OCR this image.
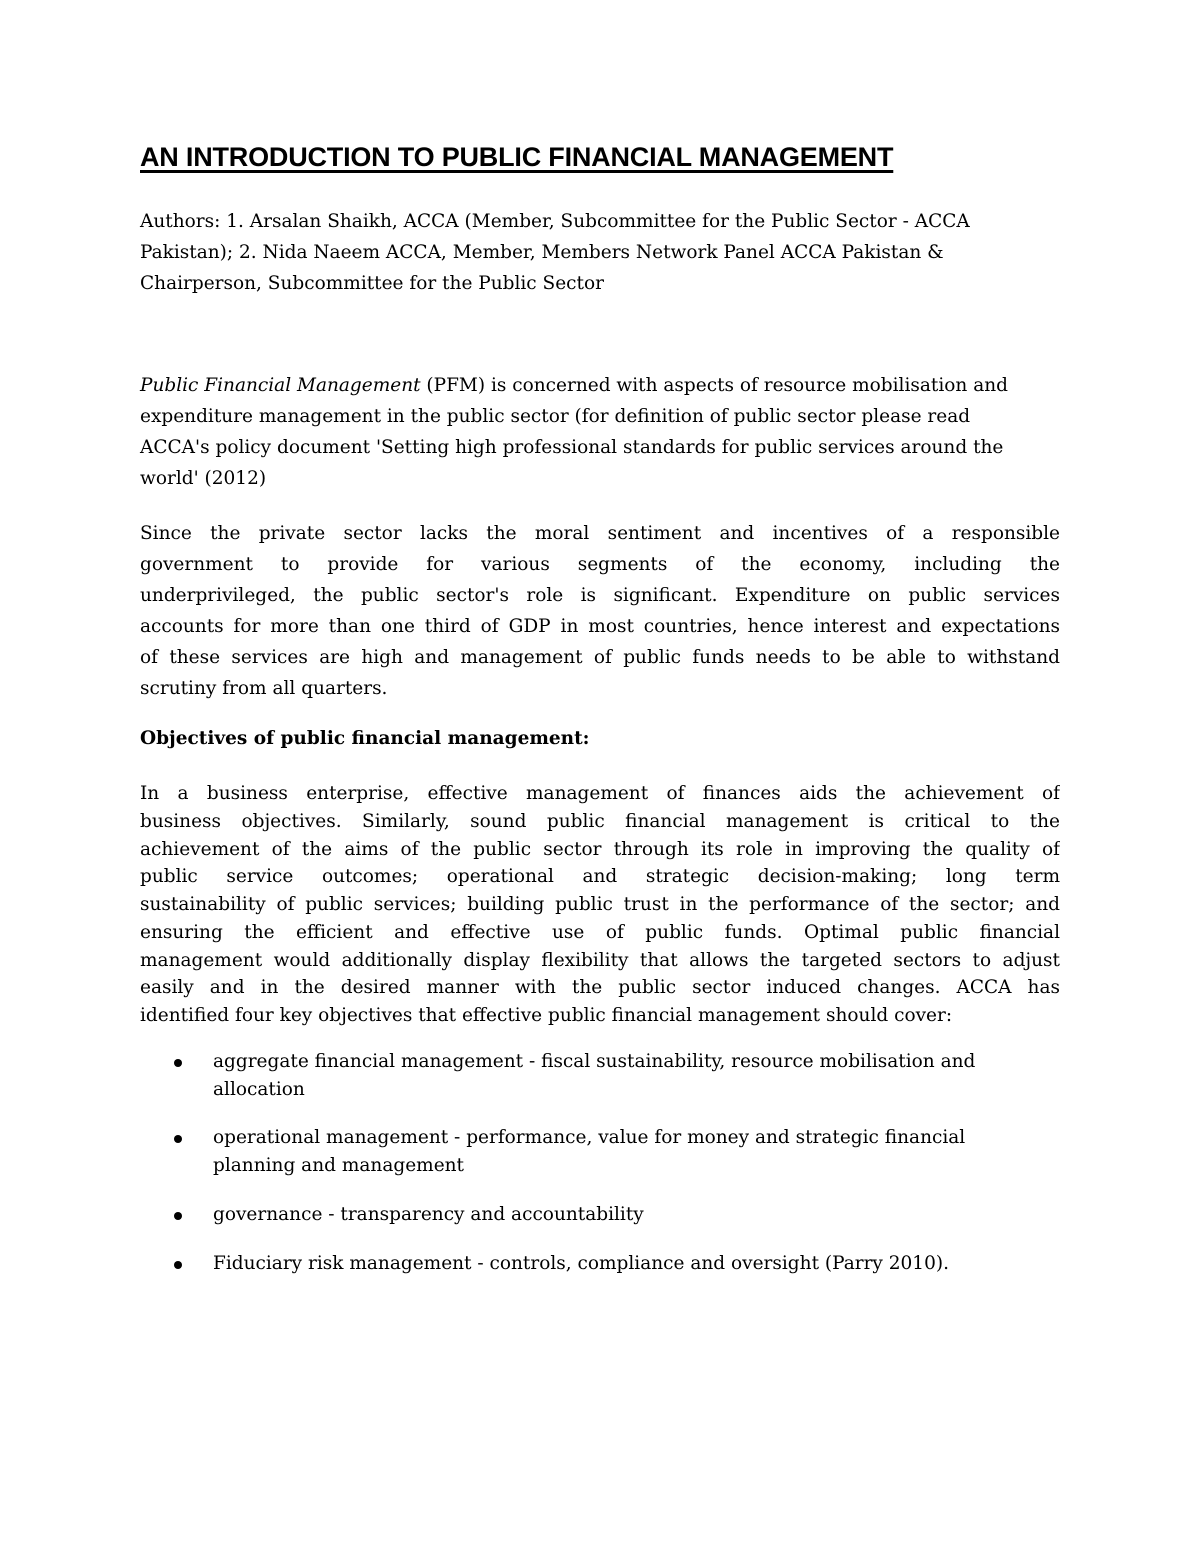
AN INTRODUCTION TO PUBLIC FINANCIAL MANAGEMENT
Authors: 1. Arsalan Shaikh, ACCA (Member, Subcommittee for the Public Sector - ACCA
Pakistan); 2. Nida Naeem ACCA, Member, Members Network Panel ACCA Pakistan &
Chairperson, Subcommittee for the Public Sector
Public Financial Management (PFM) is concerned with aspects of resource mobilisation and
expenditure management in the public sector (for definition of public sector please read
ACCA's policy document 'Setting high professional standards for public services around the
world' (2012)
Since the private sector lacks the moral sentiment and incentives of a responsible
government to provide for various segments of the economy, including the
underprivileged, the public sector's role is significant. Expenditure on public services
accounts for more than one third of GDP in most countries, hence interest and expectations
of these services are high and management of public funds needs to be able to withstand
scrutiny from all quarters.
Objectives of public financial management:
In a business enterprise, effective management of finances aids the achievement of
business objectives. Similarly, sound public financial management is critical to the
achievement of the aims of the public sector through its role in improving the quality of
public service outcomes; operational and strategic decision-making; long term
sustainability of public services; building public trust in the performance of the sector; and
ensuring the efficient and effective use of public funds. Optimal public financial
management would additionally display flexibility that allows the targeted sectors to adjust
easily and in the desired manner with the public sector induced changes. ACCA has
identified four key objectives that effective public financial management should cover:
aggregate financial management - fiscal sustainability, resource mobilisation and
allocation
operational management - performance, value for money and strategic financial
planning and management
governance - transparency and accountability
Fiduciary risk management - controls, compliance and oversight (Parry 2010).
